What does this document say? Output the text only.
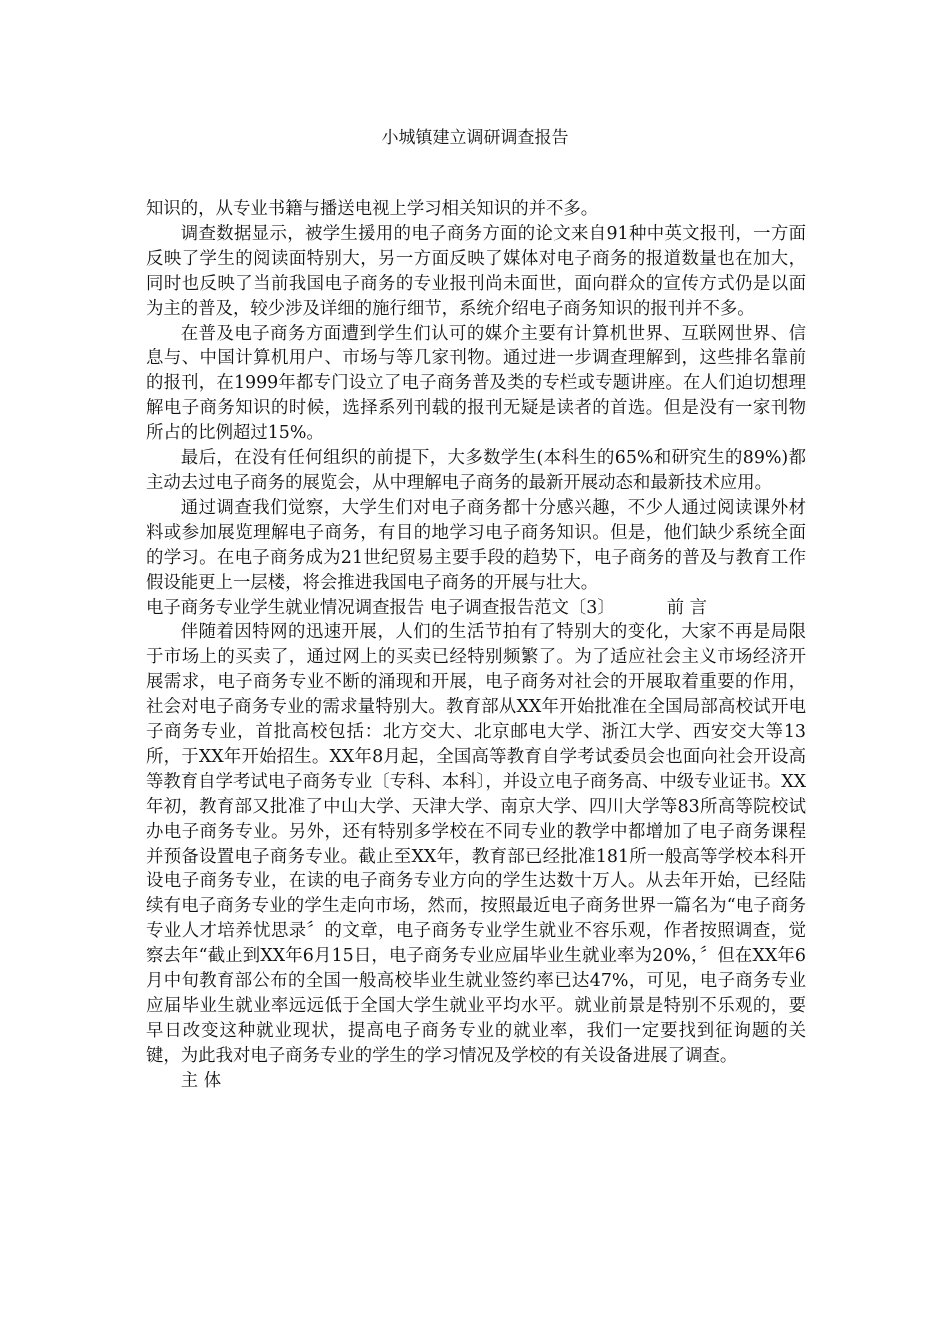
小城镇建立调研调查报告

知识的，从专业书籍与播送电视上学习相关知识的并不多。

调查数据显示，被学生援用的电子商务方面的论文来自91种中英文报刊，一方面反映了学生的阅读面特别大，另一方面反映了媒体对电子商务的报道数量也在加大，同时也反映了当前我国电子商务的专业报刊尚未面世，面向群众的宣传方式仍是以面为主的普及，较少涉及详细的施行细节，系统介绍电子商务知识的报刊并不多。

在普及电子商务方面遭到学生们认可的媒介主要有计算机世界、互联网世界、信息与、中国计算机用户、市场与等几家刊物。通过进一步调查理解到，这些排名靠前的报刊，在1999年都专门设立了电子商务普及类的专栏或专题讲座。在人们迫切想理解电子商务知识的时候，选择系列刊载的报刊无疑是读者的首选。但是没有一家刊物所占的比例超过15%。

最后，在没有任何组织的前提下，大多数学生(本科生的65%和研究生的89%)都主动去过电子商务的展览会，从中理解电子商务的最新开展动态和最新技术应用。

通过调查我们觉察，大学生们对电子商务都十分感兴趣，不少人通过阅读课外材料或参加展览理解电子商务，有目的地学习电子商务知识。但是，他们缺少系统全面的学习。在电子商务成为21世纪贸易主要手段的趋势下，电子商务的普及与教育工作假设能更上一层楼，将会推进我国电子商务的开展与壮大。

电子商务专业学生就业情况调查报告 电子调查报告范文〔3〕	前 言

伴随着因特网的迅速开展，人们的生活节拍有了特别大的变化，大家不再是局限于市场上的买卖了，通过网上的买卖已经特别频繁了。为了适应社会主义市场经济开展需求，电子商务专业不断的涌现和开展，电子商务对社会的开展取着重要的作用，社会对电子商务专业的需求量特别大。教育部从XX年开始批准在全国局部高校试开电子商务专业，首批高校包括：北方交大、北京邮电大学、浙江大学、西安交大等13所，于XX年开始招生。XX年8月起，全国高等教育自学考试委员会也面向社会开设高等教育自学考试电子商务专业〔专科、本科〕，并设立电子商务高、中级专业证书。XX年初，教育部又批准了中山大学、天津大学、南京大学、四川大学等83所高等院校试办电子商务专业。另外，还有特别多学校在不同专业的教学中都增加了电子商务课程并预备设置电子商务专业。截止至XX年，教育部已经批准181所一般高等学校本科开设电子商务专业，在读的电子商务专业方向的学生达数十万人。从去年开始，已经陆续有电子商务专业的学生走向市场，然而，按照最近电子商务世界一篇名为“电子商务专业人才培养忧思录〞的文章，电子商务专业学生就业不容乐观，作者按照调查，觉察去年“截止到XX年6月15日，电子商务专业应届毕业生就业率为20%，〞但在XX年6月中旬教育部公布的全国一般高校毕业生就业签约率已达47%，可见，电子商务专业应届毕业生就业率远远低于全国大学生就业平均水平。就业前景是特别不乐观的，要早日改变这种就业现状，提高电子商务专业的就业率，我们一定要找到征询题的关键，为此我对电子商务专业的学生的学习情况及学校的有关设备进展了调查。

主 体
